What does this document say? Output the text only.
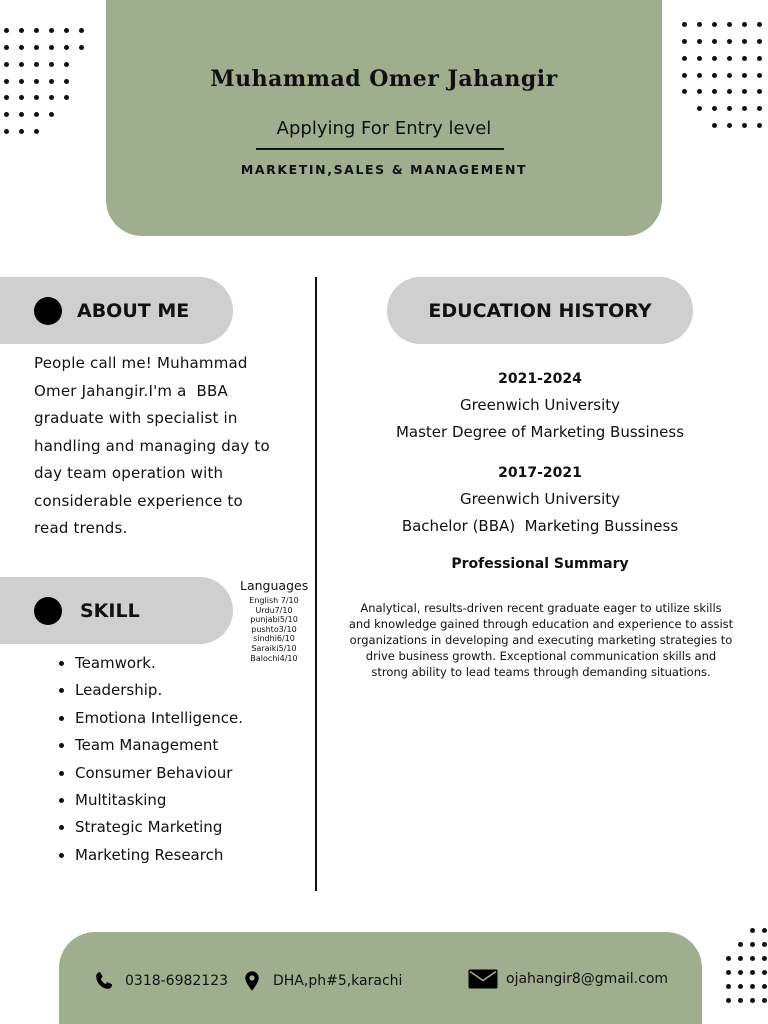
Muhammad Omer Jahangir
Applying For Entry level
MARKETIN,SALES & MANAGEMENT
ABOUT ME
People call me! Muhammad
Omer Jahangir.I'm a  BBA
graduate with specialist in
handling and managing day to
day team operation with
considerable experience to
read trends.
SKILL
Languages
English 7/10
Urdu7/10
punjabi5/10
pushto3/10
sindhi6/10
Saraiki5/10
Balochi4/10
• Teamwork.
• Leadership.
• Emotiona Intelligence.
• Team Management
• Consumer Behaviour
• Multitasking
• Strategic Marketing
• Marketing Research
EDUCATION HISTORY
2021-2024
Greenwich University
Master Degree of Marketing Bussiness
2017-2021
Greenwich University
Bachelor (BBA)  Marketing Bussiness
Professional Summary
Analytical, results-driven recent graduate eager to utilize skills
and knowledge gained through education and experience to assist
organizations in developing and executing marketing strategies to
drive business growth. Exceptional communication skills and
strong ability to lead teams through demanding situations.
0318-6982123	DHA,ph#5,karachi	ojahangir8@gmail.com
